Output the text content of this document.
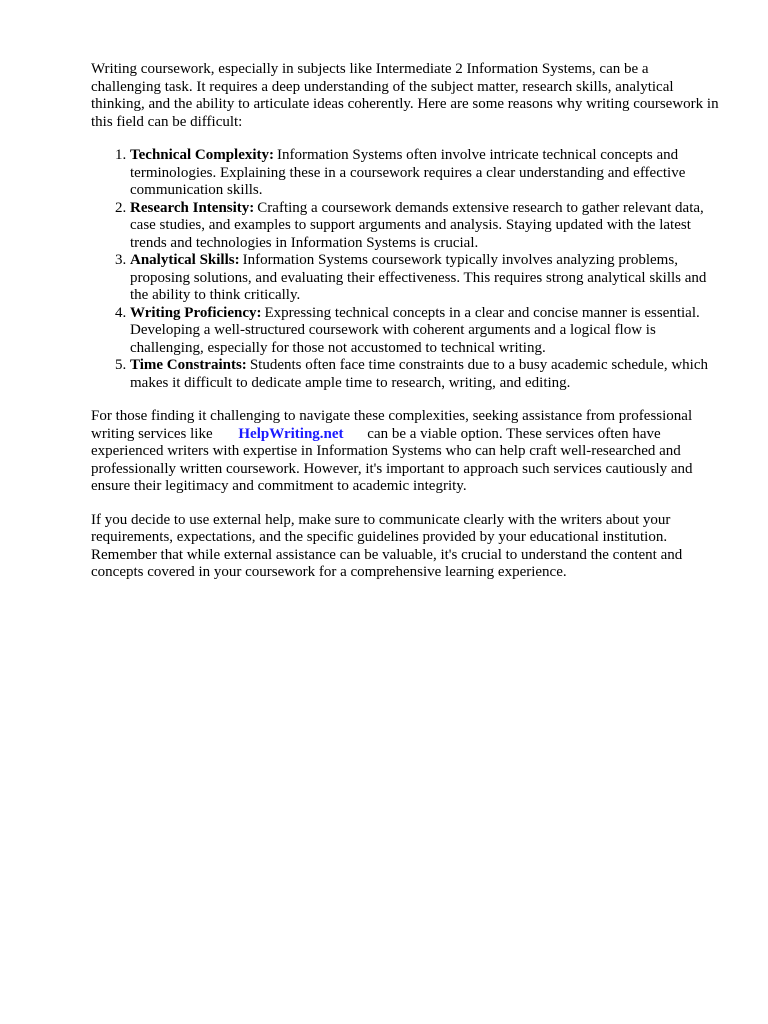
Writing coursework, especially in subjects like Intermediate 2 Information Systems, can be a challenging task. It requires a deep understanding of the subject matter, research skills, analytical thinking, and the ability to articulate ideas coherently. Here are some reasons why writing coursework in this field can be difficult:

1. Technical Complexity: Information Systems often involve intricate technical concepts and terminologies. Explaining these in a coursework requires a clear understanding and effective communication skills.
2. Research Intensity: Crafting a coursework demands extensive research to gather relevant data, case studies, and examples to support arguments and analysis. Staying updated with the latest trends and technologies in Information Systems is crucial.
3. Analytical Skills: Information Systems coursework typically involves analyzing problems, proposing solutions, and evaluating their effectiveness. This requires strong analytical skills and the ability to think critically.
4. Writing Proficiency: Expressing technical concepts in a clear and concise manner is essential. Developing a well-structured coursework with coherent arguments and a logical flow is challenging, especially for those not accustomed to technical writing.
5. Time Constraints: Students often face time constraints due to a busy academic schedule, which makes it difficult to dedicate ample time to research, writing, and editing.

For those finding it challenging to navigate these complexities, seeking assistance from professional writing services like HelpWriting.net can be a viable option. These services often have experienced writers with expertise in Information Systems who can help craft well-researched and professionally written coursework. However, it's important to approach such services cautiously and ensure their legitimacy and commitment to academic integrity.

If you decide to use external help, make sure to communicate clearly with the writers about your requirements, expectations, and the specific guidelines provided by your educational institution. Remember that while external assistance can be valuable, it's crucial to understand the content and concepts covered in your coursework for a comprehensive learning experience.
